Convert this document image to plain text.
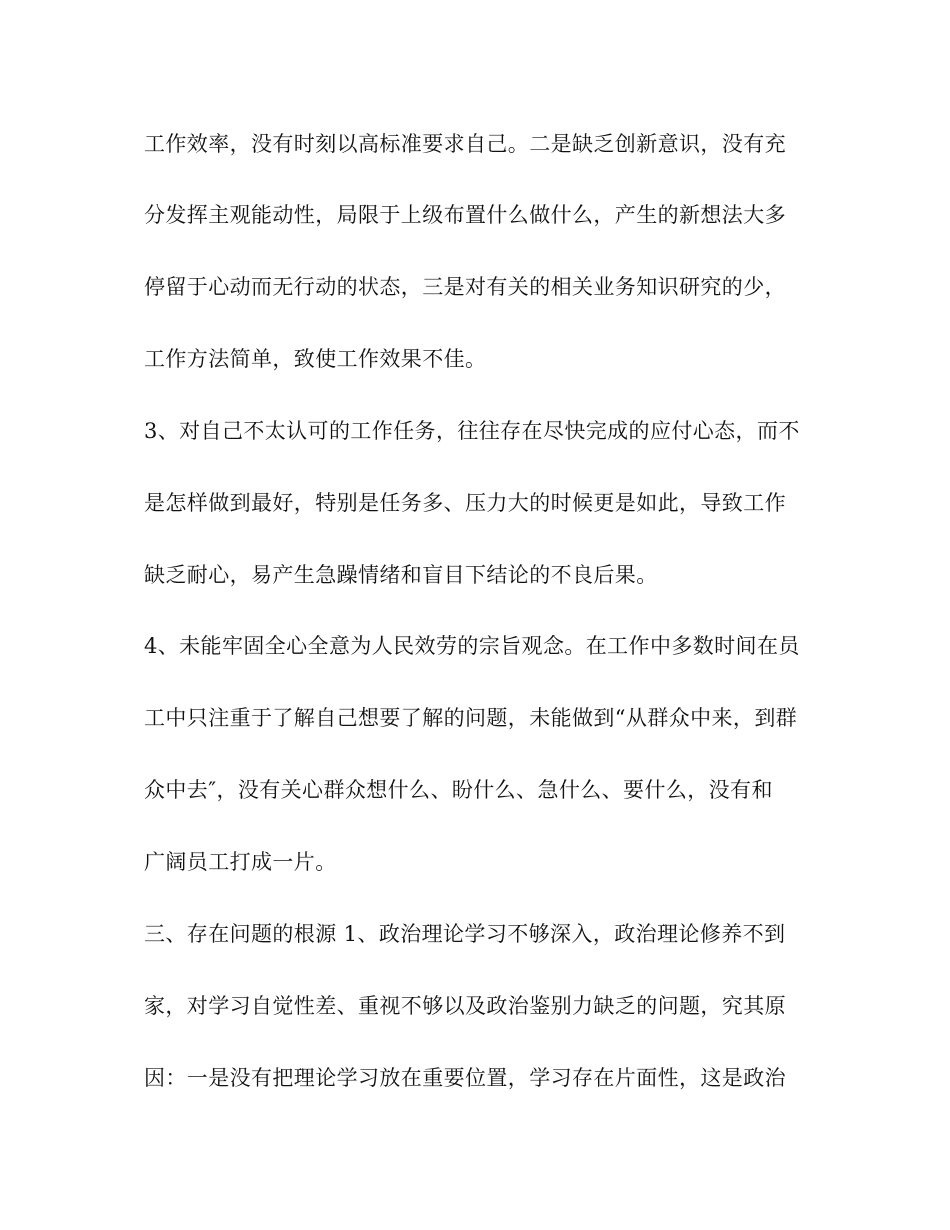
工作效率，没有时刻以高标准要求自己。二是缺乏创新意识，没有充
分发挥主观能动性，局限于上级布置什么做什么，产生的新想法大多
停留于心动而无行动的状态，三是对有关的相关业务知识研究的少，
工作方法简单，致使工作效果不佳。
3、对自己不太认可的工作任务，往往存在尽快完成的应付心态，而不
是怎样做到最好，特别是任务多、压力大的时候更是如此，导致工作
缺乏耐心，易产生急躁情绪和盲目下结论的不良后果。
4、未能牢固全心全意为人民效劳的宗旨观念。在工作中多数时间在员
工中只注重于了解自己想要了解的问题，未能做到“从群众中来，到群
众中去″，没有关心群众想什么、盼什么、急什么、要什么，没有和
广阔员工打成一片。
三、存在问题的根源 1、政治理论学习不够深入，政治理论修养不到
家，对学习自觉性差、重视不够以及政治鉴别力缺乏的问题，究其原
因：一是没有把理论学习放在重要位置，学习存在片面性，这是政治
